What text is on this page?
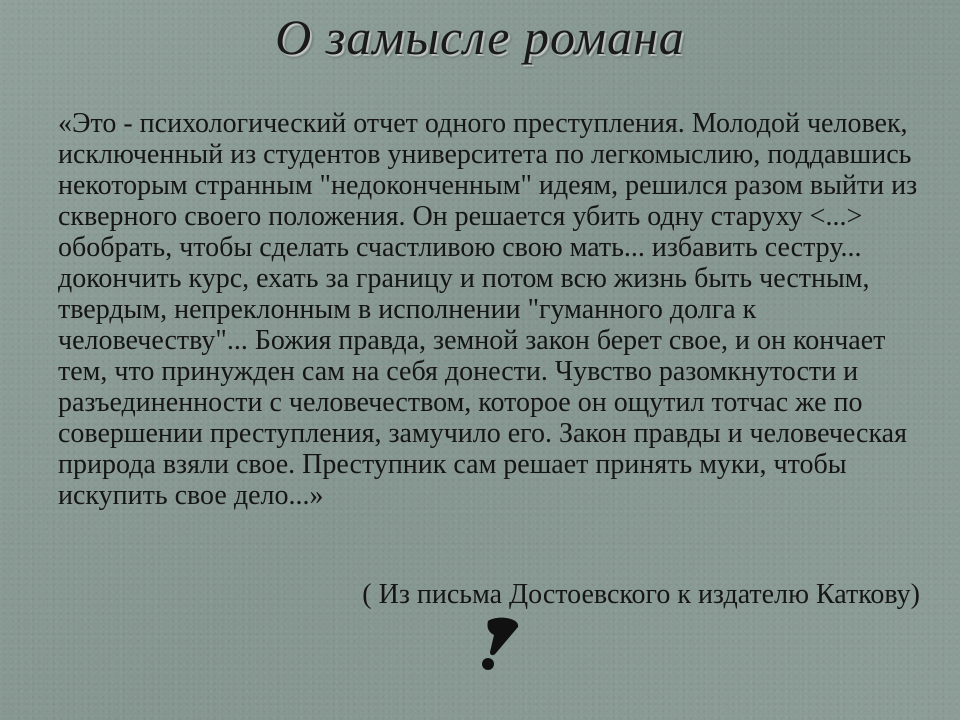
О замысле романа

«Это - психологический отчет одного преступления. Молодой человек, исключенный из студентов университета по легкомыслию, поддавшись некоторым странным "недоконченным" идеям, решился разом выйти из скверного своего положения. Он решается убить одну старуху <...> обобрать, чтобы сделать счастливою свою мать... избавить сестру... докончить курс, ехать за границу и потом всю жизнь быть честным, твердым, непреклонным в исполнении "гуманного долга к человечеству"... Божия правда, земной закон берет свое, и он кончает тем, что принужден сам на себя донести. Чувство разомкнутости и разъединенности с человечеством, которое он ощутил тотчас же по совершении преступления, замучило его. Закон правды и человеческая природа взяли свое. Преступник сам решает принять муки, чтобы искупить свое дело...»

( Из письма Достоевского к издателю Каткову)
